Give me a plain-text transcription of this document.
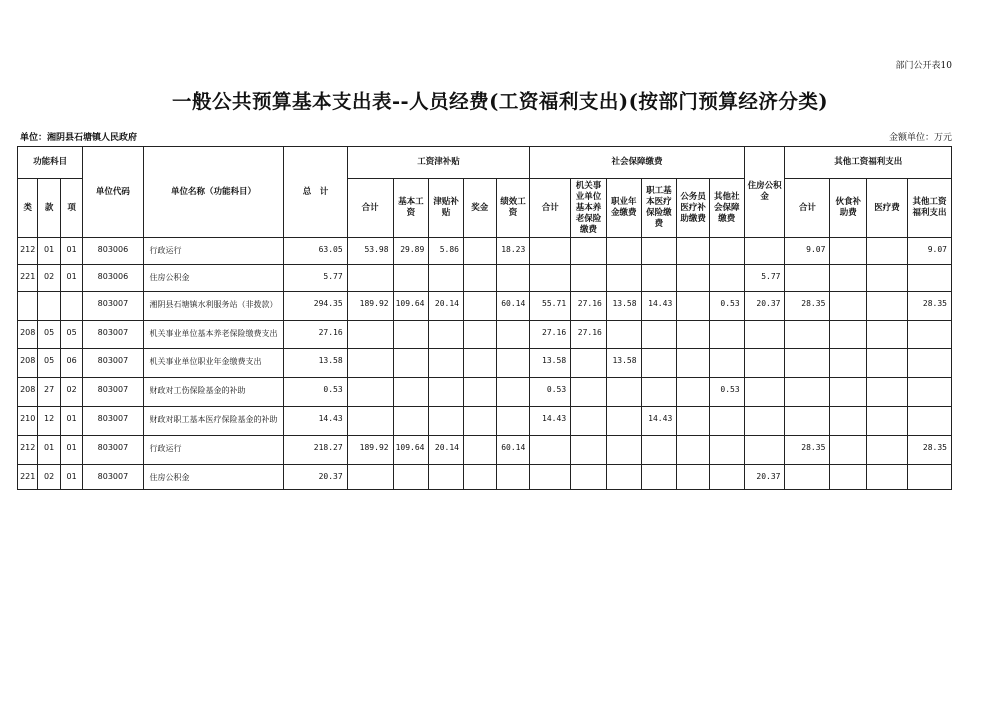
部门公开表10
一般公共预算基本支出表--人员经费(工资福利支出)(按部门预算经济分类)
单位：湘阴县石塘镇人民政府	金额单位：万元
功能科目			单位代码	单位名称（功能科目）	总　计	工资津补贴					社会保障缴费						住房公积金	其他工资福利支出			
类	款	项				合计	基本工资	津贴补贴	奖金	绩效工资	合计	机关事业单位基本养老保险缴费	职业年金缴费	职工基本医疗保险缴费	公务员医疗补助缴费	其他社会保障缴费		合计	伙食补助费	医疗费	其他工资福利支出
212	01	01	803006	行政运行	63.05	53.98	29.89	5.86		18.23								9.07			9.07
221	02	01	803006	住房公积金	5.77												5.77				
			803007	湘阴县石塘镇水利服务站（非拨款）	294.35	189.92	109.64	20.14		60.14	55.71	27.16	13.58	14.43		0.53	20.37	28.35			28.35
208	05	05	803007	机关事业单位基本养老保险缴费支出	27.16						27.16	27.16									
208	05	06	803007	机关事业单位职业年金缴费支出	13.58						13.58		13.58								
208	27	02	803007	财政对工伤保险基金的补助	0.53						0.53					0.53					
210	12	01	803007	财政对职工基本医疗保险基金的补助	14.43						14.43			14.43							
212	01	01	803007	行政运行	218.27	189.92	109.64	20.14		60.14								28.35			28.35
221	02	01	803007	住房公积金	20.37												20.37				
